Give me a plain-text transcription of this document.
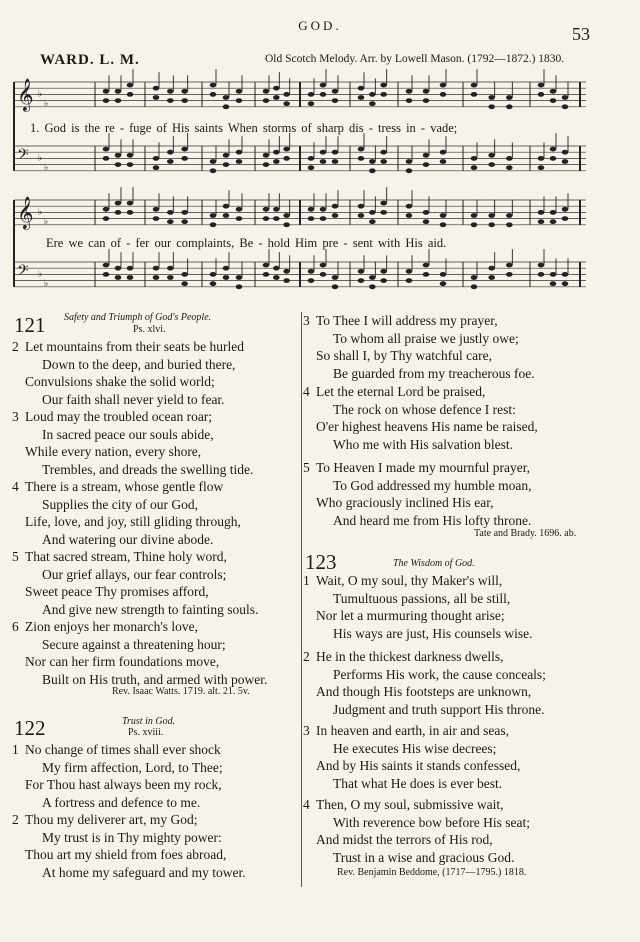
GOD.	53
WARD. L. M.	Old Scotch Melody. Arr. by Lowell Mason. (1792—1872.) 1830.
𝄞 ♭
♭
𝄢 ♭
♭
𝄞 ♭
♭
𝄢 ♭
♭
1. God is the re - fuge of His saints When storms of sharp dis - tress in - vade;
Ere we can of - fer our complaints, Be - hold Him pre - sent with His aid.
121 Safety and Triumph of God's People.
Ps. xlvi.
2 Let mountains from their seats be hurled
Down to the deep, and buried there,
Convulsions shake the solid world;
Our faith shall never yield to fear.
3 Loud may the troubled ocean roar;
In sacred peace our souls abide,
While every nation, every shore,
Trembles, and dreads the swelling tide.
4 There is a stream, whose gentle flow
Supplies the city of our God,
Life, love, and joy, still gliding through,
And watering our divine abode.
5 That sacred stream, Thine holy word,
Our grief allays, our fear controls;
Sweet peace Thy promises afford,
And give new strength to fainting souls.
6 Zion enjoys her monarch's love,
Secure against a threatening hour;
Nor can her firm foundations move,
Built on His truth, and armed with power.
Rev. Isaac Watts. 1719. alt. 21. 5v.
122	Trust in God.
Ps. xviii.
1 No change of times shall ever shock
My firm affection, Lord, to Thee;
For Thou hast always been my rock,
A fortress and defence to me.
2 Thou my deliverer art, my God;
My trust is in Thy mighty power:
Thou art my shield from foes abroad,
At home my safeguard and my tower.
3 To Thee I will address my prayer,
To whom all praise we justly owe;
So shall I, by Thy watchful care,
Be guarded from my treacherous foe.
4 Let the eternal Lord be praised,
The rock on whose defence I rest:
O'er highest heavens His name be raised,
Who me with His salvation blest.
5 To Heaven I made my mournful prayer,
To God addressed my humble moan,
Who graciously inclined His ear,
And heard me from His lofty throne.
Tate and Brady. 1696. ab.
123	The Wisdom of God.
1 Wait, O my soul, thy Maker's will,
Tumultuous passions, all be still,
Nor let a murmuring thought arise;
His ways are just, His counsels wise.
2 He in the thickest darkness dwells,
Performs His work, the cause conceals;
And though His footsteps are unknown,
Judgment and truth support His throne.
3 In heaven and earth, in air and seas,
He executes His wise decrees;
And by His saints it stands confessed,
That what He does is ever best.
4 Then, O my soul, submissive wait,
With reverence bow before His seat;
And midst the terrors of His rod,
Trust in a wise and gracious God.
Rev. Benjamin Beddome, (1717—1795.) 1818.
